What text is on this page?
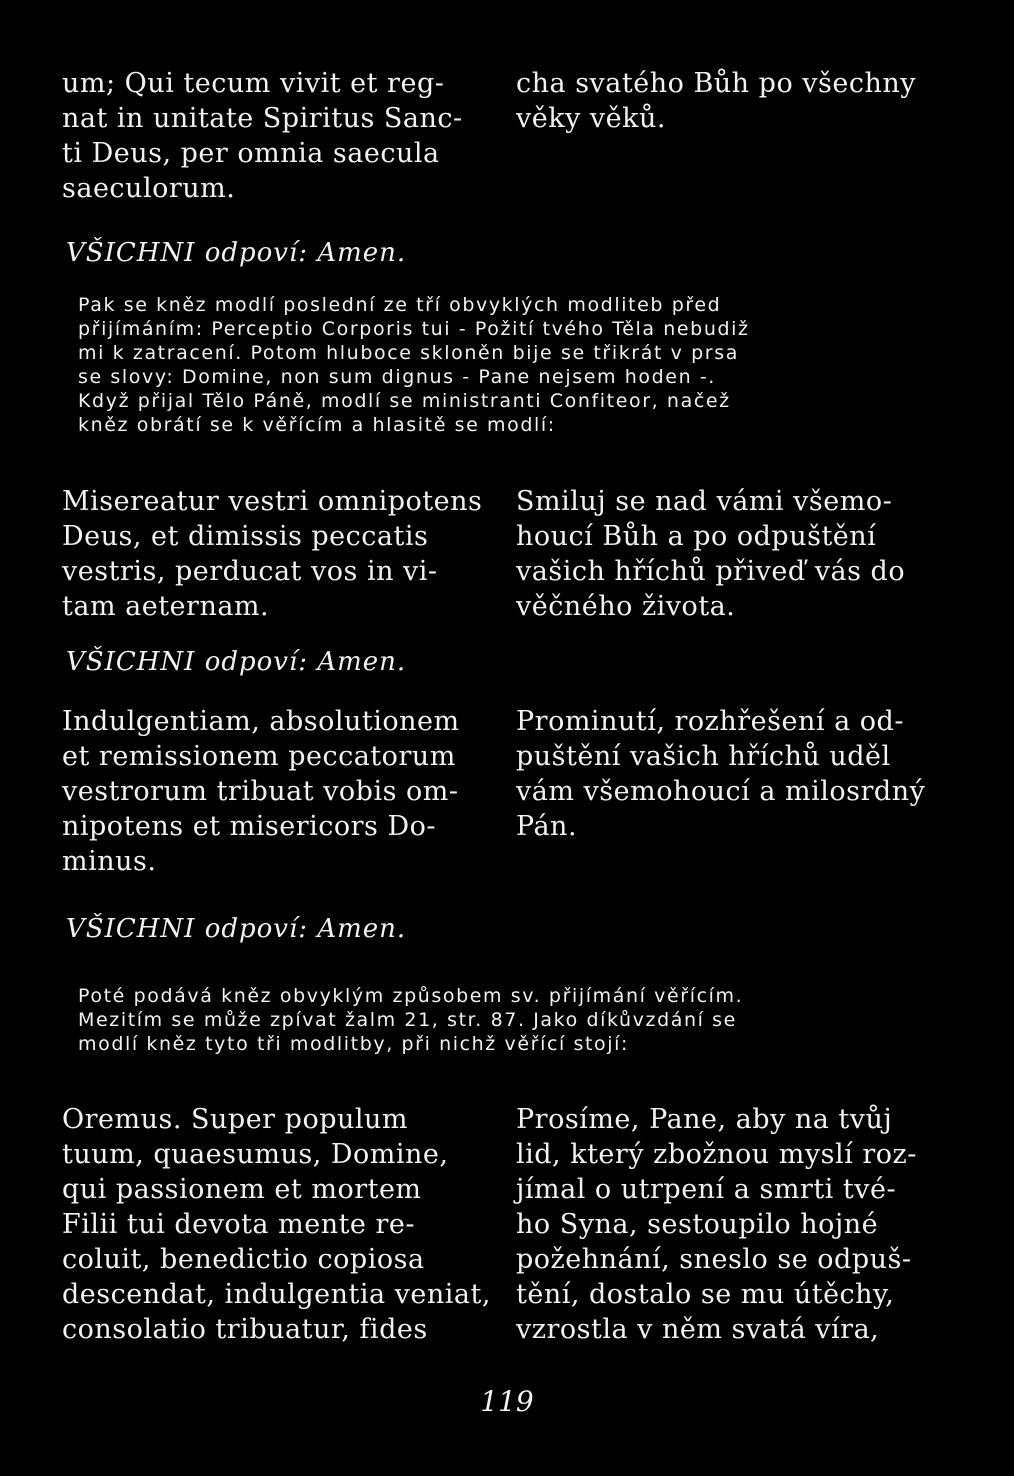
um; Qui tecum vivit et reg-
nat in unitate Spiritus Sanc-
ti Deus, per omnia saecula
saeculorum.
cha svatého Bůh po všechny
věky věků.
VŠICHNI odpoví: Amen.
Pak se kněz modlí poslední ze tří obvyklých modliteb před
přijímáním: Perceptio Corporis tui - Požití tvého Těla nebudiž
mi k zatracení. Potom hluboce skloněn bije se třikrát v prsa
se slovy: Domine, non sum dignus - Pane nejsem hoden -.
Když přijal Tělo Páně, modlí se ministranti Confiteor, načež
kněz obrátí se k věřícím a hlasitě se modlí:
Misereatur vestri omnipotens
Deus, et dimissis peccatis
vestris, perducat vos in vi-
tam aeternam.
Smiluj se nad vámi všemo-
houcí Bůh a po odpuštění
vašich hříchů přiveď vás do
věčného života.
VŠICHNI odpoví: Amen.
Indulgentiam, absolutionem
et remissionem peccatorum
vestrorum tribuat vobis om-
nipotens et misericors Do-
minus.
Prominutí, rozhřešení a od-
puštění vašich hříchů uděl
vám všemohoucí a milosrdný
Pán.
VŠICHNI odpoví: Amen.
Poté podává kněz obvyklým způsobem sv. přijímání věřícím.
Mezitím se může zpívat žalm 21, str. 87. Jako díkůvzdání se
modlí kněz tyto tři modlitby, při nichž věřící stojí:
Oremus. Super populum
tuum, quaesumus, Domine,
qui passionem et mortem
Filii tui devota mente re-
coluit, benedictio copiosa
descendat, indulgentia veniat,
consolatio tribuatur, fides
Prosíme, Pane, aby na tvůj
lid, který zbožnou myslí roz-
jímal o utrpení a smrti tvé-
ho Syna, sestoupilo hojné
požehnání, sneslo se odpuš-
tění, dostalo se mu útěchy,
vzrostla v něm svatá víra,
119
